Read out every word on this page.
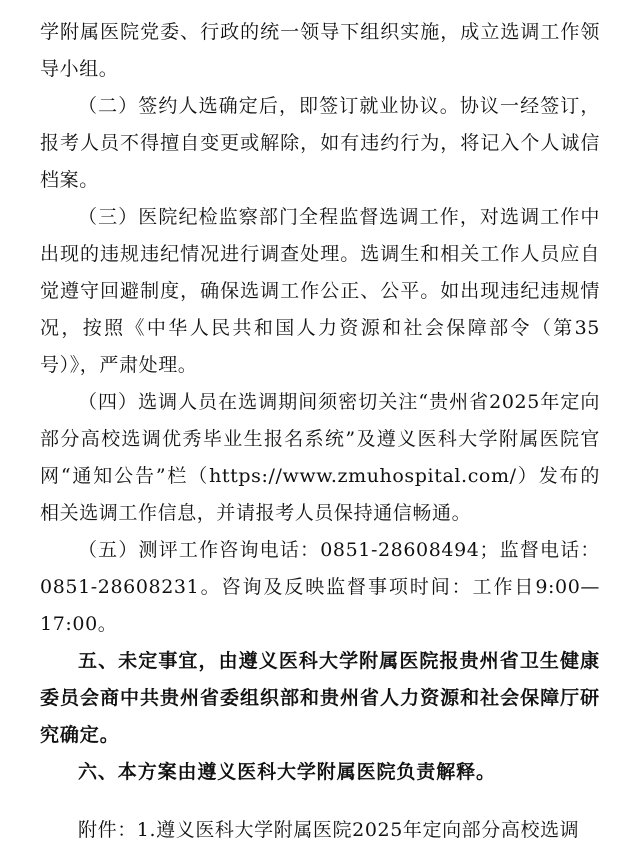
学附属医院党委、行政的统一领导下组织实施，成立选调工作领导小组。

（二）签约人选确定后，即签订就业协议。协议一经签订，报考人员不得擅自变更或解除，如有违约行为，将记入个人诚信档案。

（三）医院纪检监察部门全程监督选调工作，对选调工作中出现的违规违纪情况进行调查处理。选调生和相关工作人员应自觉遵守回避制度，确保选调工作公正、公平。如出现违纪违规情况，按照《中华人民共和国人力资源和社会保障部令（第35号）》，严肃处理。

（四）选调人员在选调期间须密切关注“贵州省2025年定向部分高校选调优秀毕业生报名系统”及遵义医科大学附属医院官网“通知公告”栏（https://www.zmuhospital.com/）发布的相关选调工作信息，并请报考人员保持通信畅通。

（五）测评工作咨询电话：0851-28608494；监督电话：0851-28608231。咨询及反映监督事项时间：工作日9:00—17:00。

五、未定事宜，由遵义医科大学附属医院报贵州省卫生健康委员会商中共贵州省委组织部和贵州省人力资源和社会保障厅研究确定。

六、本方案由遵义医科大学附属医院负责解释。

附件：1.遵义医科大学附属医院2025年定向部分高校选调
